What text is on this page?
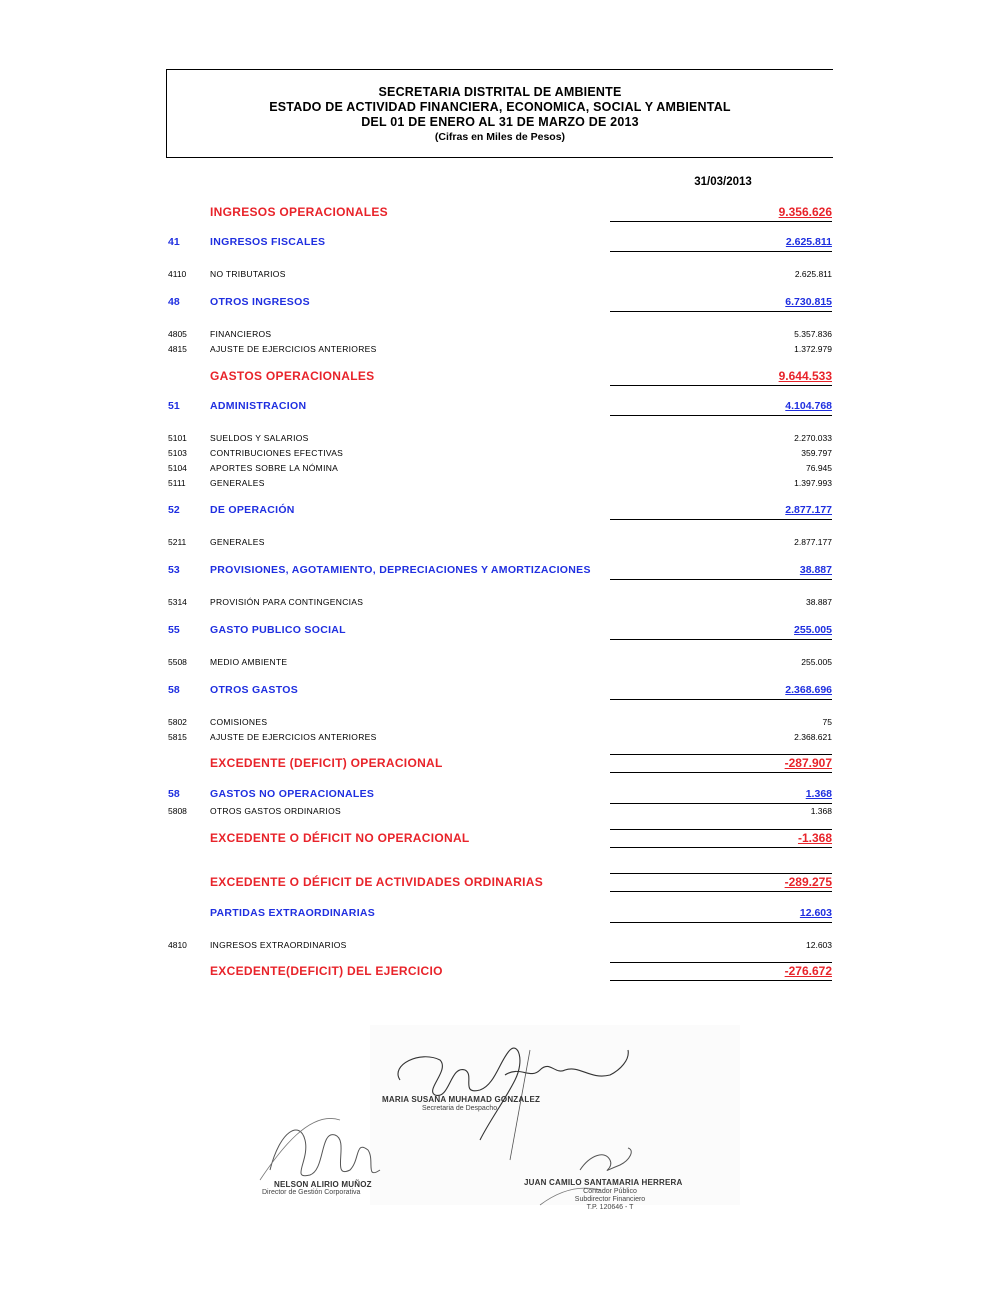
SECRETARIA DISTRITAL DE AMBIENTE
ESTADO DE ACTIVIDAD FINANCIERA, ECONOMICA, SOCIAL Y AMBIENTAL
DEL 01 DE ENERO AL 31 DE MARZO DE 2013
(Cifras en Miles de Pesos)
31/03/2013
INGRESOS OPERACIONALES	9.356.626
41	INGRESOS FISCALES	2.625.811
4110	NO TRIBUTARIOS	2.625.811
48	OTROS INGRESOS	6.730.815
4805	FINANCIEROS	5.357.836
4815	AJUSTE DE EJERCICIOS ANTERIORES	1.372.979
GASTOS OPERACIONALES	9.644.533
51	ADMINISTRACION	4.104.768
5101	SUELDOS Y SALARIOS	2.270.033
5103	CONTRIBUCIONES EFECTIVAS	359.797
5104	APORTES SOBRE LA NÓMINA	76.945
5111	GENERALES	1.397.993
52	DE OPERACIÓN	2.877.177
5211	GENERALES	2.877.177
53	PROVISIONES, AGOTAMIENTO, DEPRECIACIONES Y AMORTIZACIONES	38.887
5314	PROVISIÓN PARA CONTINGENCIAS	38.887
55	GASTO PUBLICO SOCIAL	255.005
5508	MEDIO AMBIENTE	255.005
58	OTROS GASTOS	2.368.696
5802	COMISIONES	75
5815	AJUSTE DE EJERCICIOS ANTERIORES	2.368.621
EXCEDENTE (DEFICIT) OPERACIONAL	-287.907
58	GASTOS NO OPERACIONALES	1.368
5808	OTROS GASTOS ORDINARIOS	1.368
EXCEDENTE O DÉFICIT NO OPERACIONAL	-1.368
EXCEDENTE O DÉFICIT DE ACTIVIDADES ORDINARIAS	-289.275
PARTIDAS EXTRAORDINARIAS	12.603
4810	INGRESOS EXTRAORDINARIOS	12.603
EXCEDENTE(DEFICIT) DEL EJERCICIO	-276.672
MARIA SUSANA MUHAMAD GONZALEZ
Secretaria de Despacho
NELSON ALIRIO MUÑOZ
Director de Gestión Corporativa
JUAN CAMILO SANTAMARIA HERRERA
Contador Público
Subdirector Financiero
T.P. 120646 - T
